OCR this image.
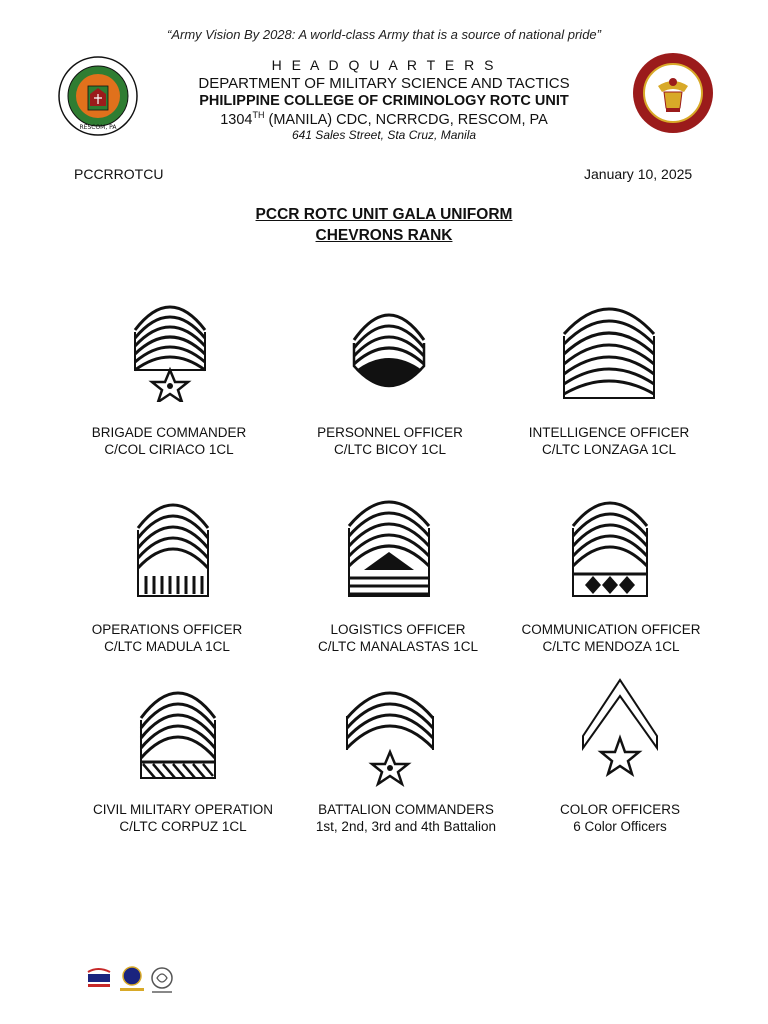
“Army Vision By 2028: A world-class Army that is a source of national pride”
RESCOM, PA
H E A D Q U A R T E R S
DEPARTMENT OF MILITARY SCIENCE AND TACTICS
PHILIPPINE COLLEGE OF CRIMINOLOGY ROTC UNIT
1304TH (MANILA) CDC, NCRRCDG, RESCOM, PA
641 Sales Street, Sta Cruz, Manila
PCCRROTCU	January 10, 2025
PCCR ROTC UNIT GALA UNIFORM
CHEVRONS RANK
BRIGADE COMMANDER
C/COL CIRIACO 1CL
PERSONNEL OFFICER
C/LTC BICOY 1CL
INTELLIGENCE OFFICER
C/LTC LONZAGA 1CL
OPERATIONS OFFICER
C/LTC MADULA 1CL
LOGISTICS OFFICER
C/LTC MANALASTAS 1CL
COMMUNICATION OFFICER
C/LTC MENDOZA 1CL
CIVIL MILITARY OPERATION
C/LTC CORPUZ 1CL
BATTALION COMMANDERS
1st, 2nd, 3rd and 4th Battalion
COLOR OFFICERS
6 Color Officers
